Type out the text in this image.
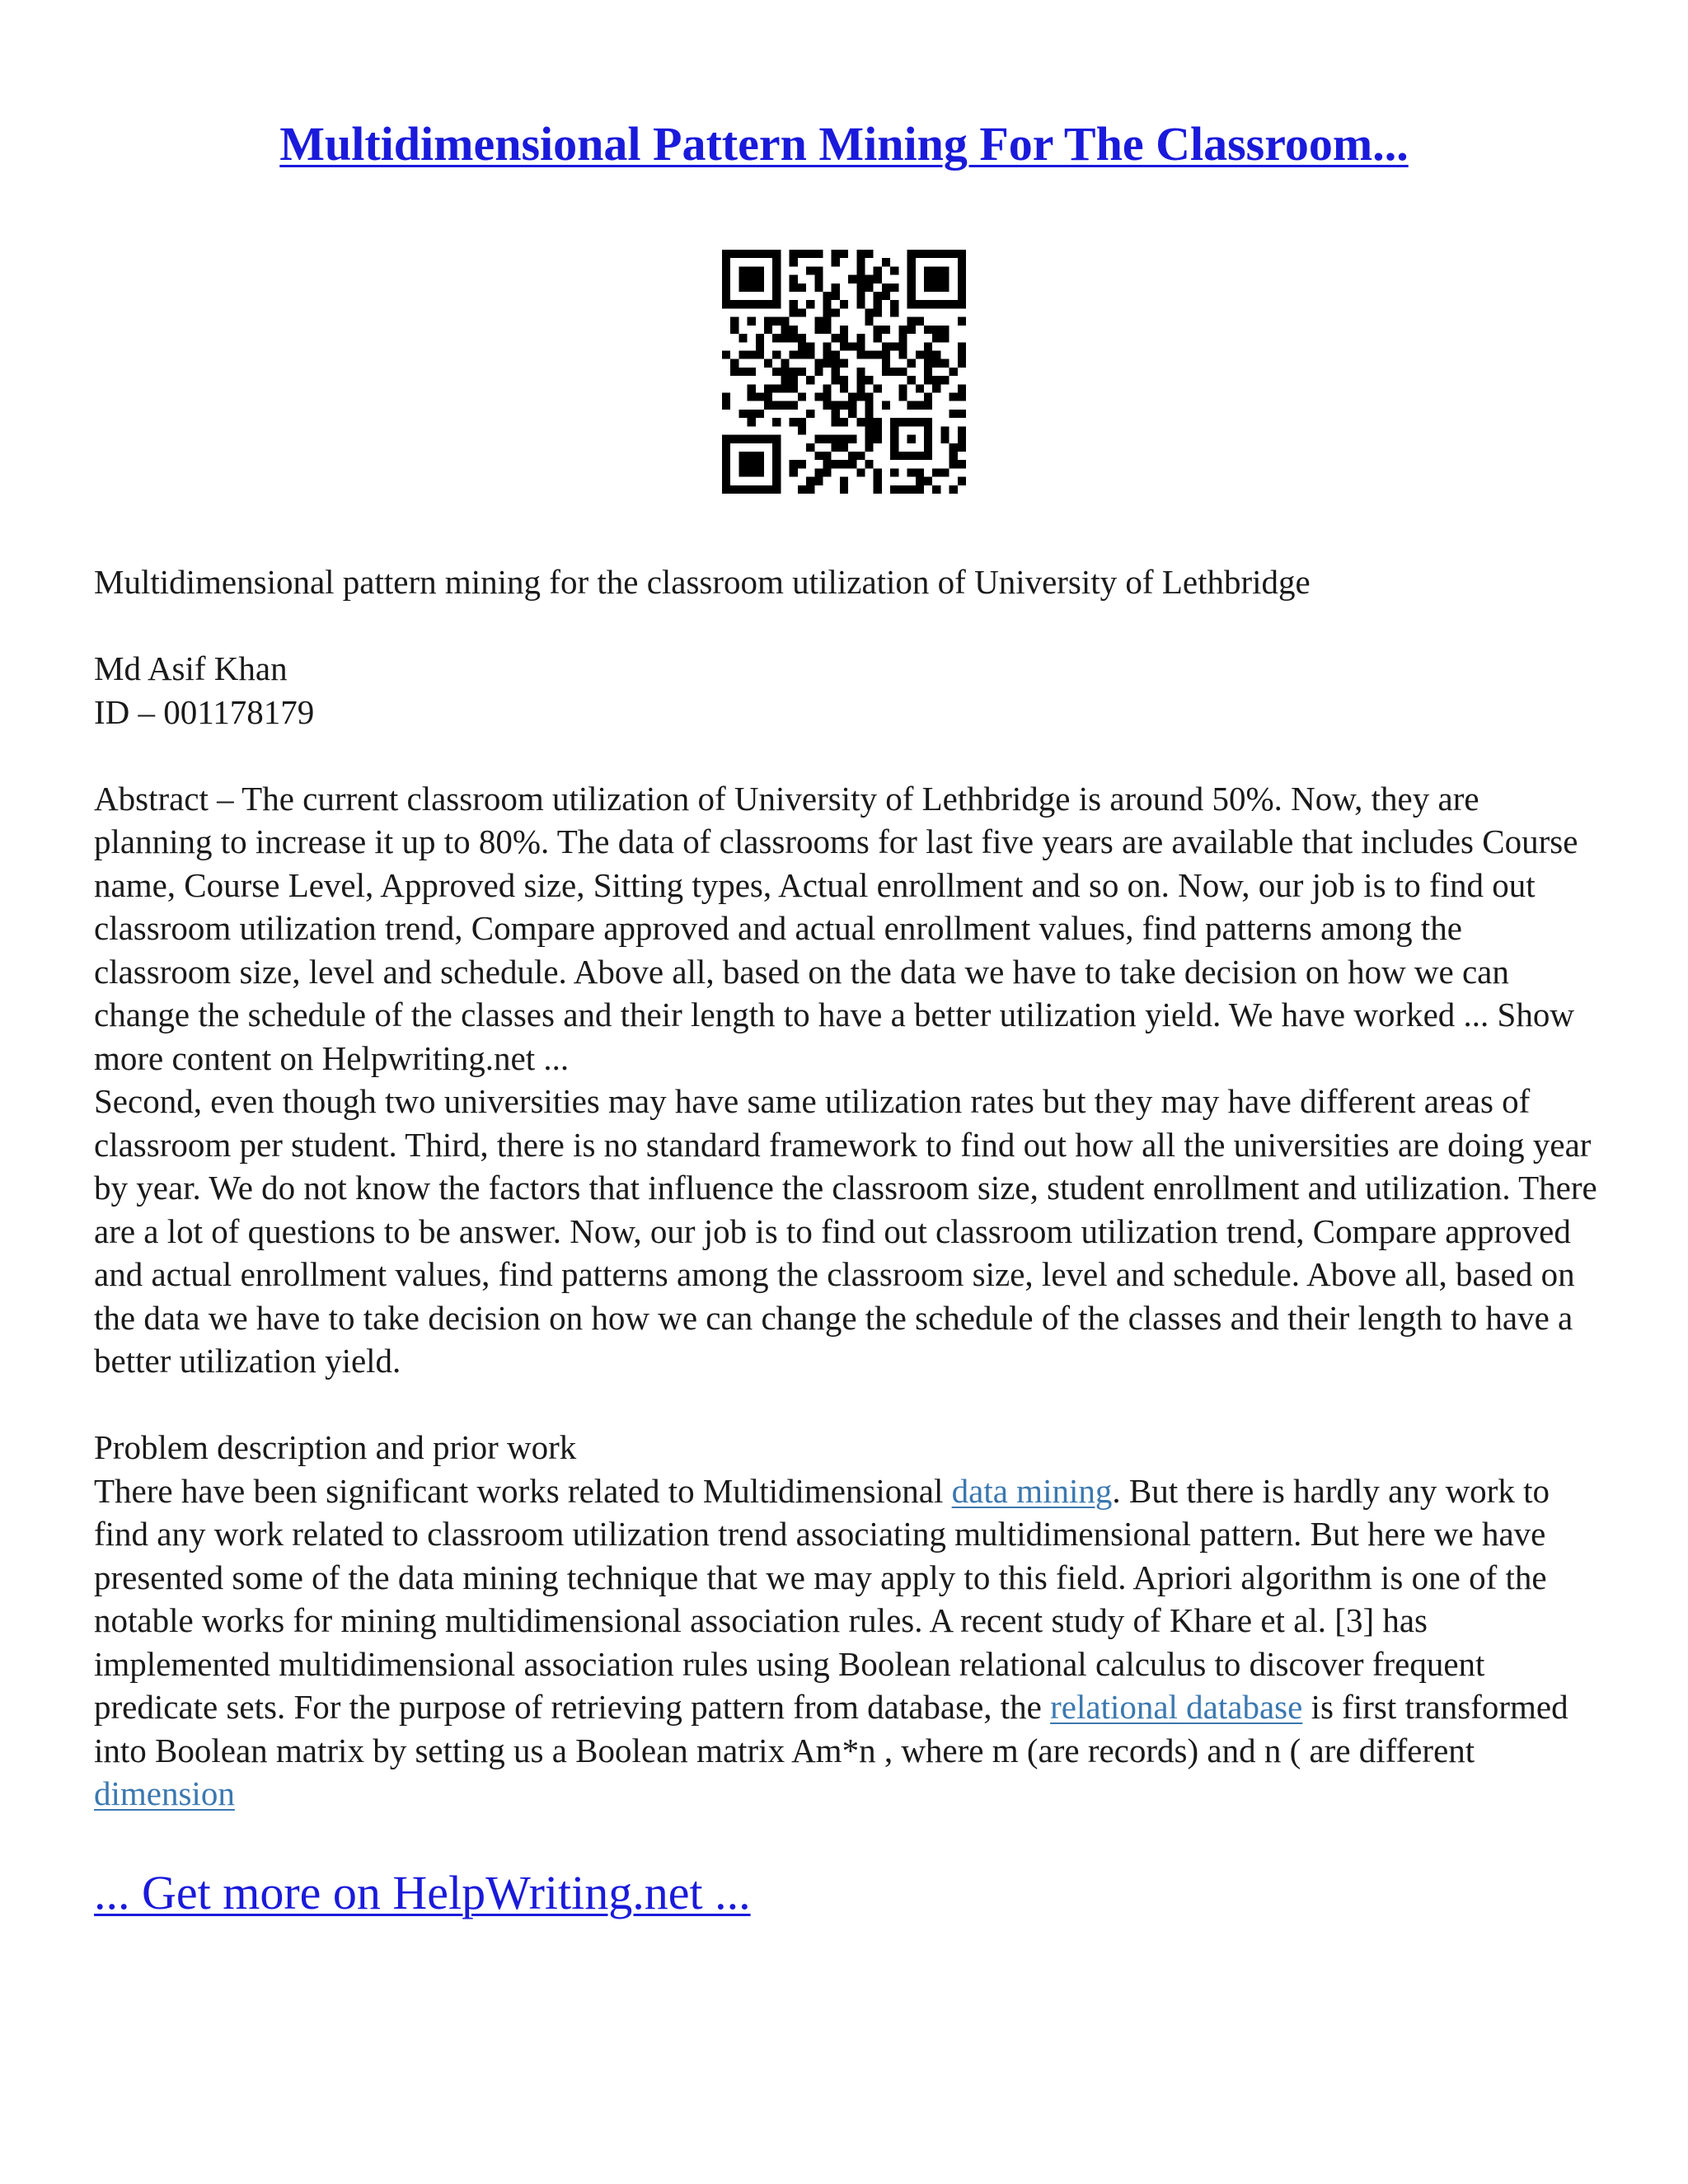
Multidimensional Pattern Mining For The Classroom...

Multidimensional pattern mining for the classroom utilization of University of Lethbridge

Md Asif Khan

ID – 001178179

Abstract – The current classroom utilization of University of Lethbridge is around 50%. Now, they are planning to increase it up to 80%. The data of classrooms for last five years are available that includes Course name, Course Level, Approved size, Sitting types, Actual enrollment and so on. Now, our job is to find out classroom utilization trend, Compare approved and actual enrollment values, find patterns among the classroom size, level and schedule. Above all, based on the data we have to take decision on how we can change the schedule of the classes and their length to have a better utilization yield. We have worked ... Show more content on Helpwriting.net ...

Second, even though two universities may have same utilization rates but they may have different areas of classroom per student. Third, there is no standard framework to find out how all the universities are doing year by year. We do not know the factors that influence the classroom size, student enrollment and utilization. There are a lot of questions to be answer. Now, our job is to find out classroom utilization trend, Compare approved and actual enrollment values, find patterns among the classroom size, level and schedule. Above all, based on the data we have to take decision on how we can change the schedule of the classes and their length to have a better utilization yield.

Problem description and prior work

There have been significant works related to Multidimensional data mining. But there is hardly any work to find any work related to classroom utilization trend associating multidimensional pattern. But here we have presented some of the data mining technique that we may apply to this field. Apriori algorithm is one of the notable works for mining multidimensional association rules. A recent study of Khare et al. [3] has implemented multidimensional association rules using Boolean relational calculus to discover frequent predicate sets. For the purpose of retrieving pattern from database, the relational database is first transformed into Boolean matrix by setting us a Boolean matrix Am*n , where m (are records) and n ( are different dimension

... Get more on HelpWriting.net ...
